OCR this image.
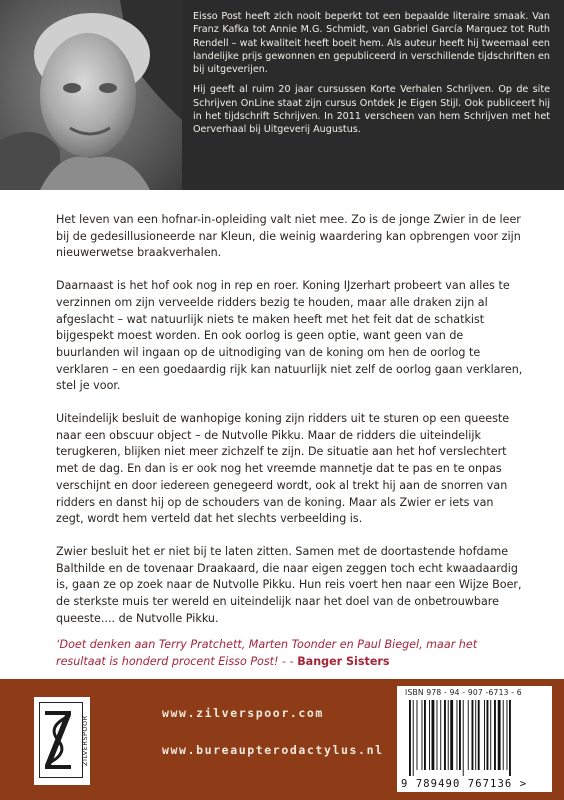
Eisso Post heeft zich nooit beperkt tot een bepaalde literaire smaak. Van Franz Kafka tot Annie M.G. Schmidt, van Gabriel García Marquez tot Ruth Rendell – wat kwaliteit heeft boeit hem. Als auteur heeft hij tweemaal een landelijke prijs gewonnen en gepubliceerd in verschillende tijdschriften en bij uitgeverijen.

Hij geeft al ruim 20 jaar cursussen Korte Verhalen Schrijven. Op de site Schrijven OnLine staat zijn cursus Ontdek Je Eigen Stijl. Ook publiceert hij in het tijdschrift Schrijven. In 2011 verscheen van hem Schrijven met het Oerverhaal bij Uitgeverij Augustus.

Het leven van een hofnar-in-opleiding valt niet mee. Zo is de jonge Zwier in de leer bij de gedesillusioneerde nar Kleun, die weinig waardering kan opbrengen voor zijn nieuwerwetse braakverhalen.

Daarnaast is het hof ook nog in rep en roer. Koning IJzerhart probeert van alles te verzinnen om zijn verveelde ridders bezig te houden, maar alle draken zijn al afgeslacht – wat natuurlijk niets te maken heeft met het feit dat de schatkist bijgespekt moest worden. En ook oorlog is geen optie, want geen van de buurlanden wil ingaan op de uitnodiging van de koning om hen de oorlog te verklaren – en een goedaardig rijk kan natuurlijk niet zelf de oorlog gaan verklaren, stel je voor.

Uiteindelijk besluit de wanhopige koning zijn ridders uit te sturen op een queeste naar een obscuur object – de Nutvolle Pikku. Maar de ridders die uiteindelijk terugkeren, blijken niet meer zichzelf te zijn. De situatie aan het hof verslechtert met de dag. En dan is er ook nog het vreemde mannetje dat te pas en te onpas verschijnt en door iedereen genegeerd wordt, ook al trekt hij aan de snorren van ridders en danst hij op de schouders van de koning. Maar als Zwier er iets van zegt, wordt hem verteld dat het slechts verbeelding is.

Zwier besluit het er niet bij te laten zitten. Samen met de doortastende hofdame Balthilde en de tovenaar Draakaard, die naar eigen zeggen toch echt kwaadaardig is, gaan ze op zoek naar de Nutvolle Pikku. Hun reis voert hen naar een Wijze Boer, de sterkste muis ter wereld en uiteindelijk naar het doel van de onbetrouwbare queeste.... de Nutvolle Pikku.

‘Doet denken aan Terry Pratchett, Marten Toonder en Paul Biegel, maar het resultaat is honderd procent Eisso Post! - - Banger Sisters
ZILVERSPOOR
www.zilverspoor.com
www.bureaupterodactylus.nl
ISBN 978 - 94 - 907 -6713 - 6
9 789490 767136 >
